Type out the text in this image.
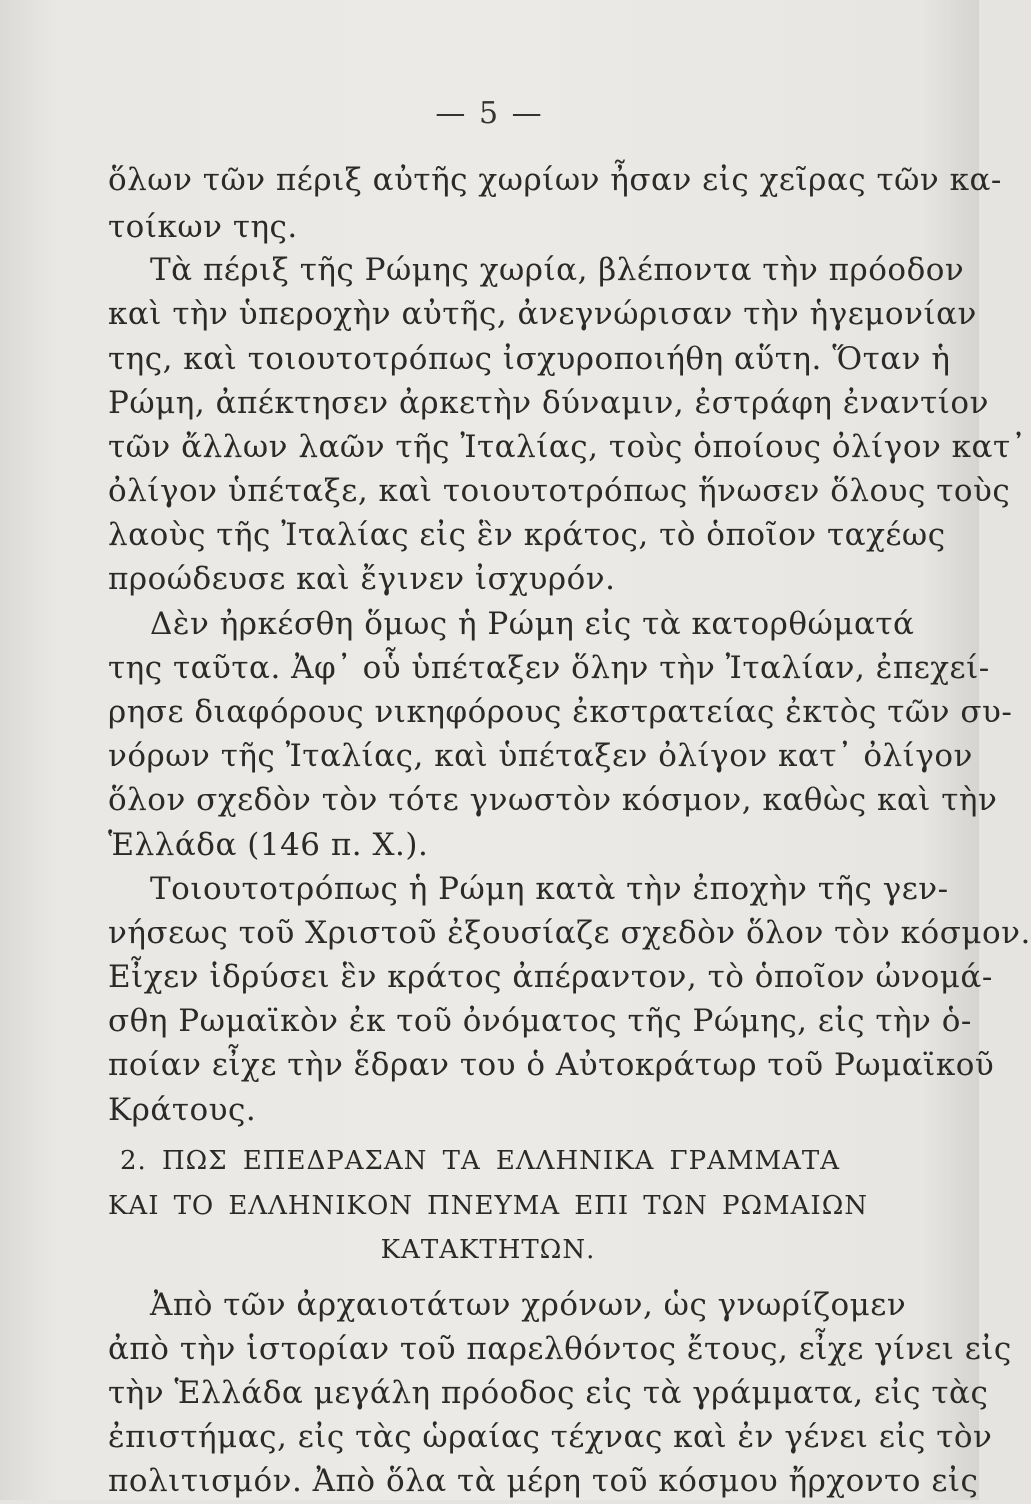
— 5 —
ὅλων τῶν πέριξ αὐτῆς χωρίων ἦσαν εἰς χεῖρας τῶν κα-
τοίκων της.
Τὰ πέριξ τῆς Ρώμης χωρία, βλέποντα τὴν πρόοδον
καὶ τὴν ὑπεροχὴν αὐτῆς, ἀνεγνώρισαν τὴν ἡγεμονίαν
της, καὶ τοιουτοτρόπως ἰσχυροποιήθη αὕτη. Ὅταν ἡ
Ρώμη, ἀπέκτησεν ἀρκετὴν δύναμιν, ἐστράφη ἐναντίον
τῶν ἄλλων λαῶν τῆς Ἰταλίας, τοὺς ὁποίους ὀλίγον κατ᾽
ὀλίγον ὑπέταξε, καὶ τοιουτοτρόπως ἥνωσεν ὅλους τοὺς
λαοὺς τῆς Ἰταλίας εἰς ἓν κράτος, τὸ ὁποῖον ταχέως
προώδευσε καὶ ἔγινεν ἰσχυρόν.
Δὲν ἠρκέσθη ὅμως ἡ Ρώμη εἰς τὰ κατορθώματά
της ταῦτα. Ἀφ᾽ οὗ ὑπέταξεν ὅλην τὴν Ἰταλίαν, ἐπεχεί-
ρησε διαφόρους νικηφόρους ἐκστρατείας ἐκτὸς τῶν συ-
νόρων τῆς Ἰταλίας, καὶ ὑπέταξεν ὀλίγον κατ᾽ ὀλίγον
ὅλον σχεδὸν τὸν τότε γνωστὸν κόσμον, καθὼς καὶ τὴν
Ἑλλάδα (146 π. Χ.).
Τοιουτοτρόπως ἡ Ρώμη κατὰ τὴν ἐποχὴν τῆς γεν-
νήσεως τοῦ Χριστοῦ ἐξουσίαζε σχεδὸν ὅλον τὸν κόσμον.
Εἶχεν ἱδρύσει ἓν κράτος ἀπέραντον, τὸ ὁποῖον ὠνομά-
σθη Ρωμαϊκὸν ἐκ τοῦ ὀνόματος τῆς Ρώμης, εἰς τὴν ὁ-
ποίαν εἶχε τὴν ἕδραν του ὁ Αὐτοκράτωρ τοῦ Ρωμαϊκοῦ
Κράτους.
2. ΠΩΣ ΕΠΕΔΡΑΣΑΝ ΤΑ ΕΛΛΗΝΙΚΑ ΓΡΑΜΜΑΤΑ
ΚΑΙ ΤΟ ΕΛΛΗΝΙΚΟΝ ΠΝΕΥΜΑ ΕΠΙ ΤΩΝ ΡΩΜΑΙΩΝ
ΚΑΤΑΚΤΗΤΩΝ.
Ἀπὸ τῶν ἀρχαιοτάτων χρόνων, ὡς γνωρίζομεν
ἀπὸ τὴν ἱστορίαν τοῦ παρελθόντος ἔτους, εἶχε γίνει εἰς
τὴν Ἑλλάδα μεγάλη πρόοδος εἰς τὰ γράμματα, εἰς τὰς
ἐπιστήμας, εἰς τὰς ὡραίας τέχνας καὶ ἐν γένει εἰς τὸν
πολιτισμόν. Ἀπὸ ὅλα τὰ μέρη τοῦ κόσμου ἤρχοντο εἰς
